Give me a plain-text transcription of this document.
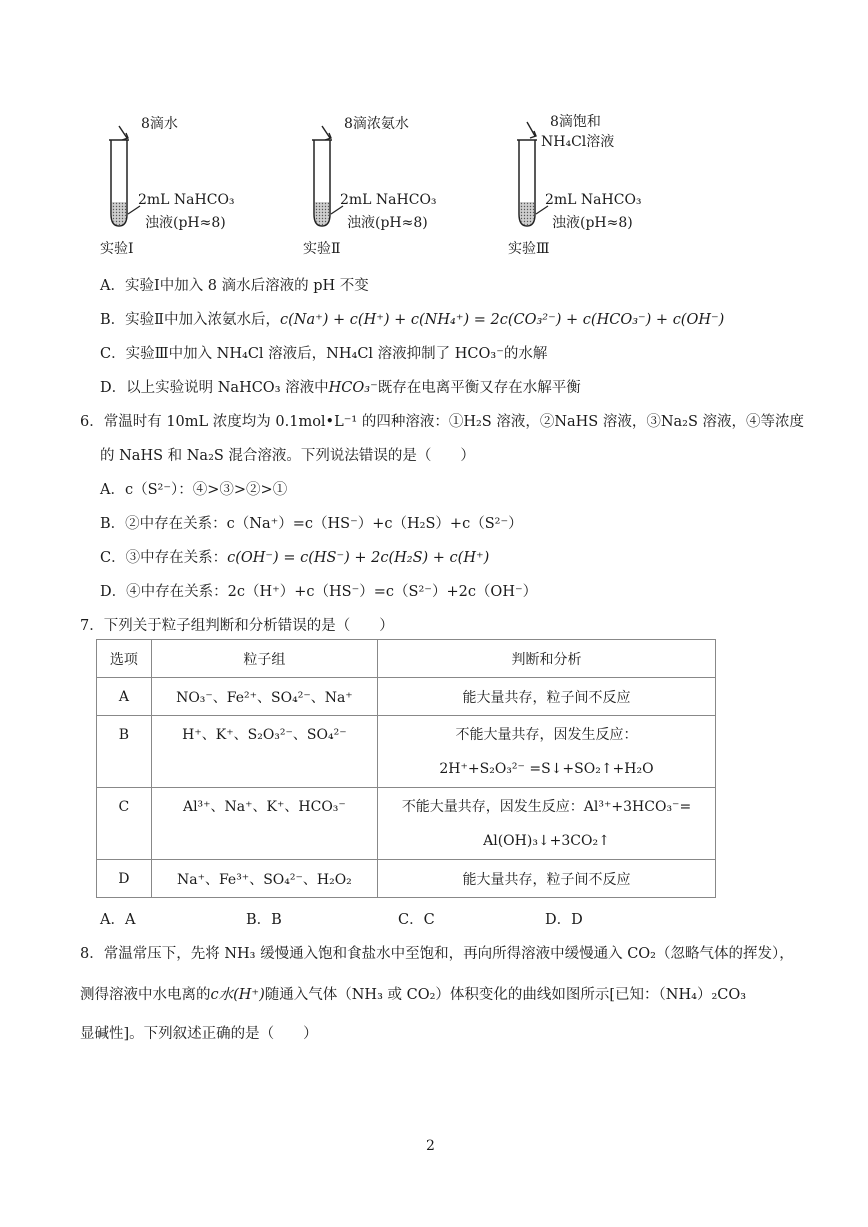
8滴水
2mL NaHCO₃
浊液(pH≈8)
实验Ⅰ
8滴浓氨水
2mL NaHCO₃
浊液(pH≈8)
实验Ⅱ
8滴饱和
NH₄Cl溶液
2mL NaHCO₃
浊液(pH≈8)
实验Ⅲ
A．实验Ⅰ中加入 8 滴水后溶液的 pH 不变
B．实验Ⅱ中加入浓氨水后，c(Na⁺) + c(H⁺) + c(NH₄⁺) = 2c(CO₃²⁻) + c(HCO₃⁻) + c(OH⁻)
C．实验Ⅲ中加入 NH₄Cl 溶液后，NH₄Cl 溶液抑制了 HCO₃⁻的水解
D．以上实验说明 NaHCO₃ 溶液中HCO₃⁻既存在电离平衡又存在水解平衡
6．常温时有 10mL 浓度均为 0.1mol•L⁻¹ 的四种溶液：①H₂S 溶液，②NaHS 溶液，③Na₂S 溶液，④等浓度
的 NaHS 和 Na₂S 混合溶液。下列说法错误的是（　　）
A．c（S²⁻）：④>③>②>①
B．②中存在关系：c（Na⁺）=c（HS⁻）+c（H₂S）+c（S²⁻）
C．③中存在关系：c(OH⁻) = c(HS⁻) + 2c(H₂S) + c(H⁺)
D．④中存在关系：2c（H⁺）+c（HS⁻）=c（S²⁻）+2c（OH⁻）
7．下列关于粒子组判断和分析错误的是（　　）
选项	粒子组	判断和分析
A	NO₃⁻、Fe²⁺、SO₄²⁻、Na⁺	能大量共存，粒子间不反应

B	H⁺、K⁺、S₂O₃²⁻、SO₄²⁻	不能大量共存，因发生反应：
2H⁺+S₂O₃²⁻ =S↓+SO₂↑+H₂O

C	Al³⁺、Na⁺、K⁺、HCO₃⁻	不能大量共存，因发生反应：Al³⁺+3HCO₃⁻=
Al(OH)₃↓+3CO₂↑

D	Na⁺、Fe³⁺、SO₄²⁻、H₂O₂	能大量共存，粒子间不反应
A．A	B．B	C．C	D．D
8．常温常压下，先将 NH₃ 缓慢通入饱和食盐水中至饱和，再向所得溶液中缓慢通入 CO₂（忽略气体的挥发），
测得溶液中水电离的c水(H⁺)随通入气体（NH₃ 或 CO₂）体积变化的曲线如图所示[已知：（NH₄）₂CO₃
显碱性]。下列叙述正确的是（　　）
2
